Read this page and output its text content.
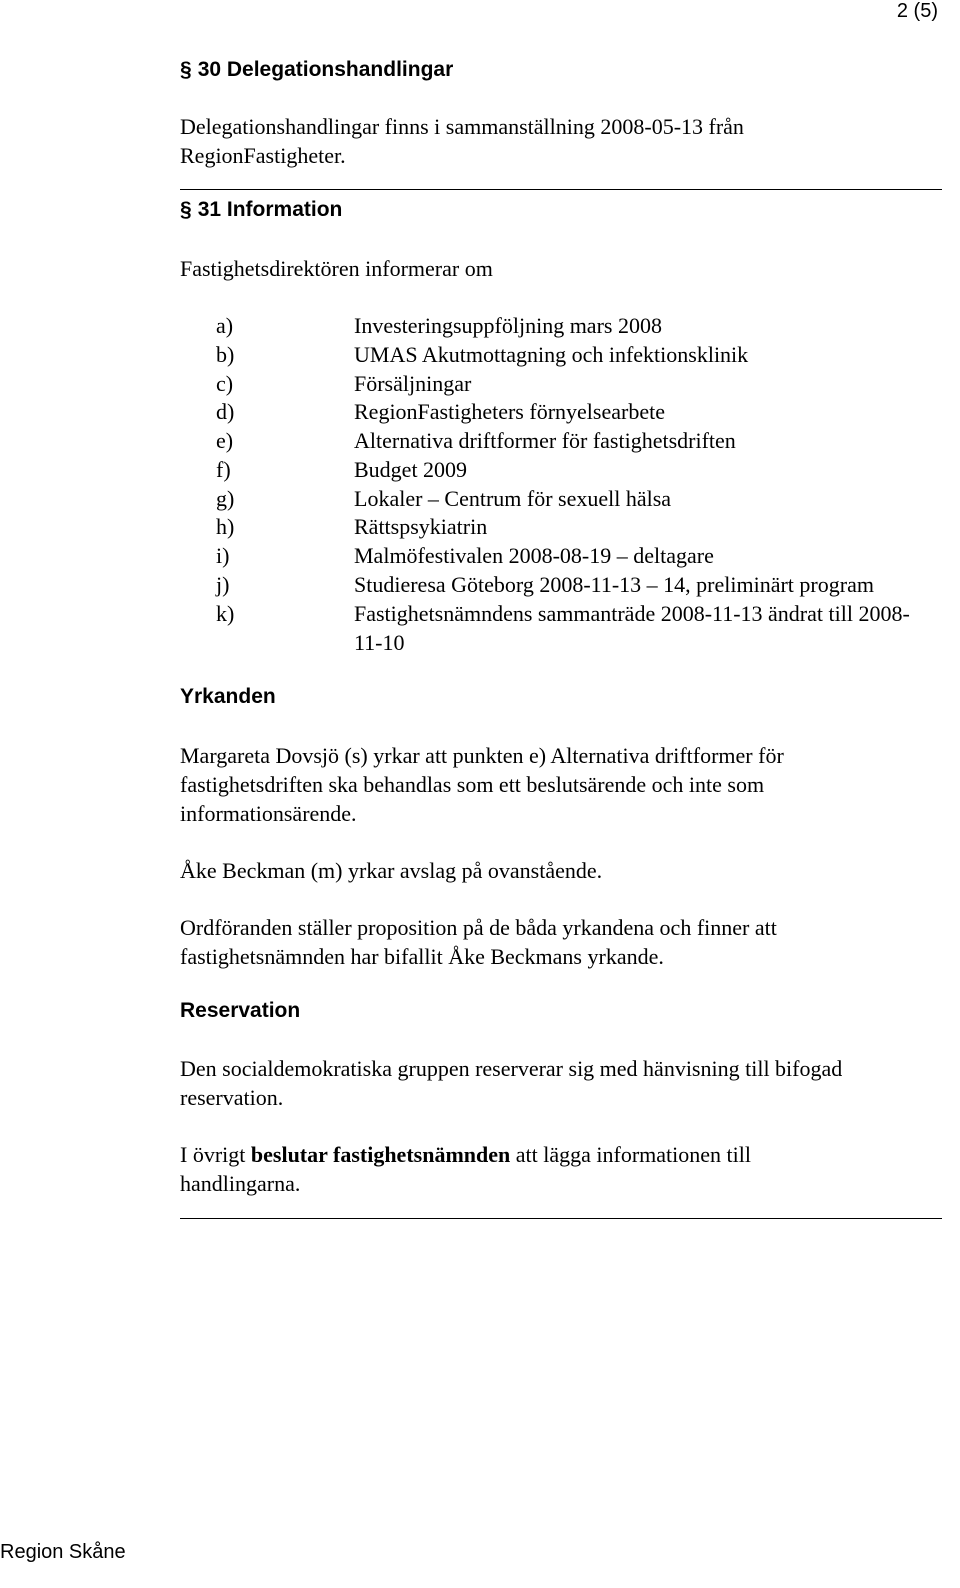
2 (5)
§ 30 Delegationshandlingar
Delegationshandlingar finns i sammanställning 2008-05-13 från RegionFastigheter.
§ 31 Information
Fastighetsdirektören informerar om
a)	Investeringsuppföljning mars 2008
b)	UMAS Akutmottagning och infektionsklinik
c)	Försäljningar
d)	RegionFastigheters förnyelsearbete
e)	Alternativa driftformer för fastighetsdriften
f)	Budget 2009
g)	Lokaler – Centrum för sexuell hälsa
h)	Rättspsykiatrin
i)	Malmöfestivalen 2008-08-19 – deltagare
j)	Studieresa Göteborg 2008-11-13 – 14, preliminärt program
k)	Fastighetsnämndens sammanträde 2008-11-13 ändrat till 2008-11-10
Yrkanden
Margareta Dovsjö (s) yrkar att punkten e) Alternativa driftformer för fastighetsdriften ska behandlas som ett beslutsärende och inte som informationsärende.
Åke Beckman (m) yrkar avslag på ovanstående.
Ordföranden ställer proposition på de båda yrkandena och finner att fastighetsnämnden har bifallit Åke Beckmans yrkande.
Reservation
Den socialdemokratiska gruppen reserverar sig med hänvisning till bifogad reservation.
I övrigt beslutar fastighetsnämnden att lägga informationen till handlingarna.
Region Skåne
